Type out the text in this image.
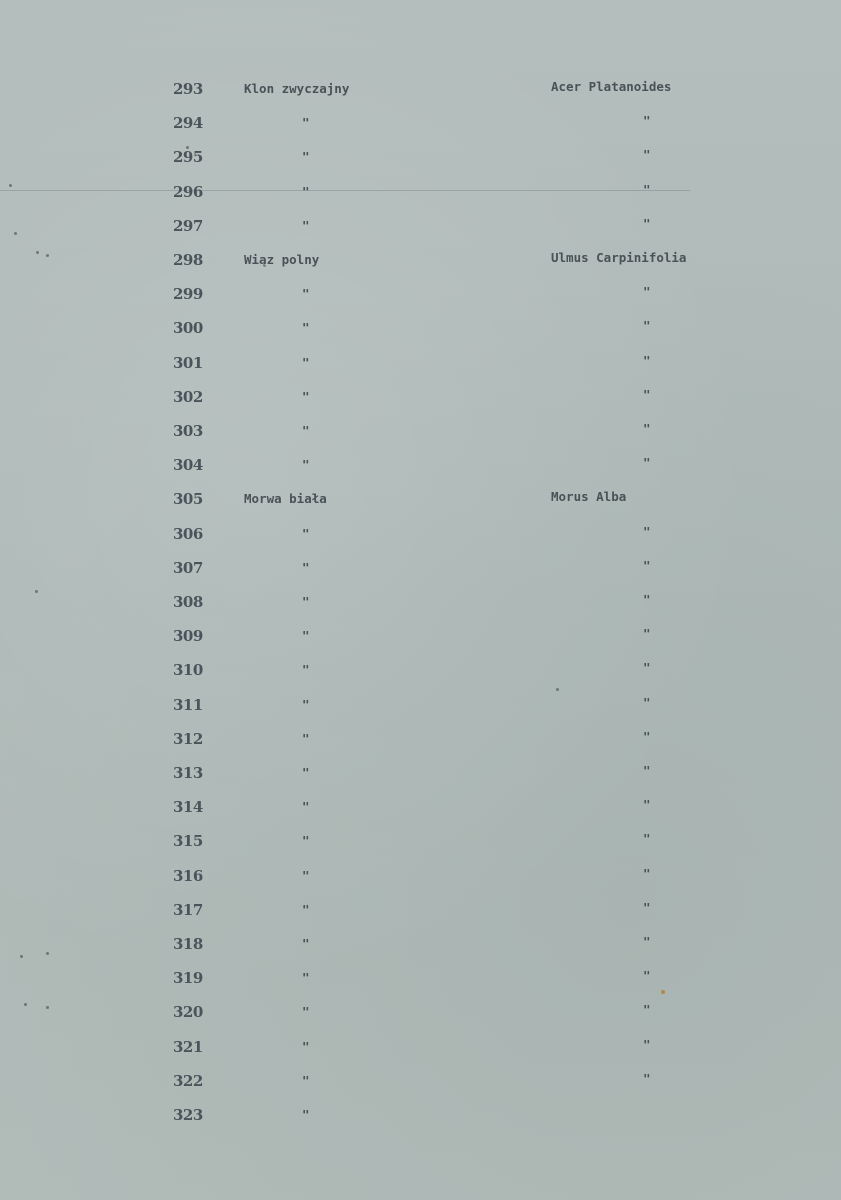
293	Klon zwyczajny	Acer Platanoides
294	"	"
295	"	"
296	"	"
297	"	"
298	Wiąz polny	Ulmus Carpinifolia
299	"	"
300	"	"
301	"	"
302	"	"
303	"	"
304	"	"
305	Morwa biała	Morus Alba
306	"	"
307	"	"
308	"	"
309	"	"
310	"	"
311	"	"
312	"	"
313	"	"
314	"	"
315	"	"
316	"	"
317	"	"
318	"	"
319	"	"
320	"	"
321	"	"
322	"	"
323	"
